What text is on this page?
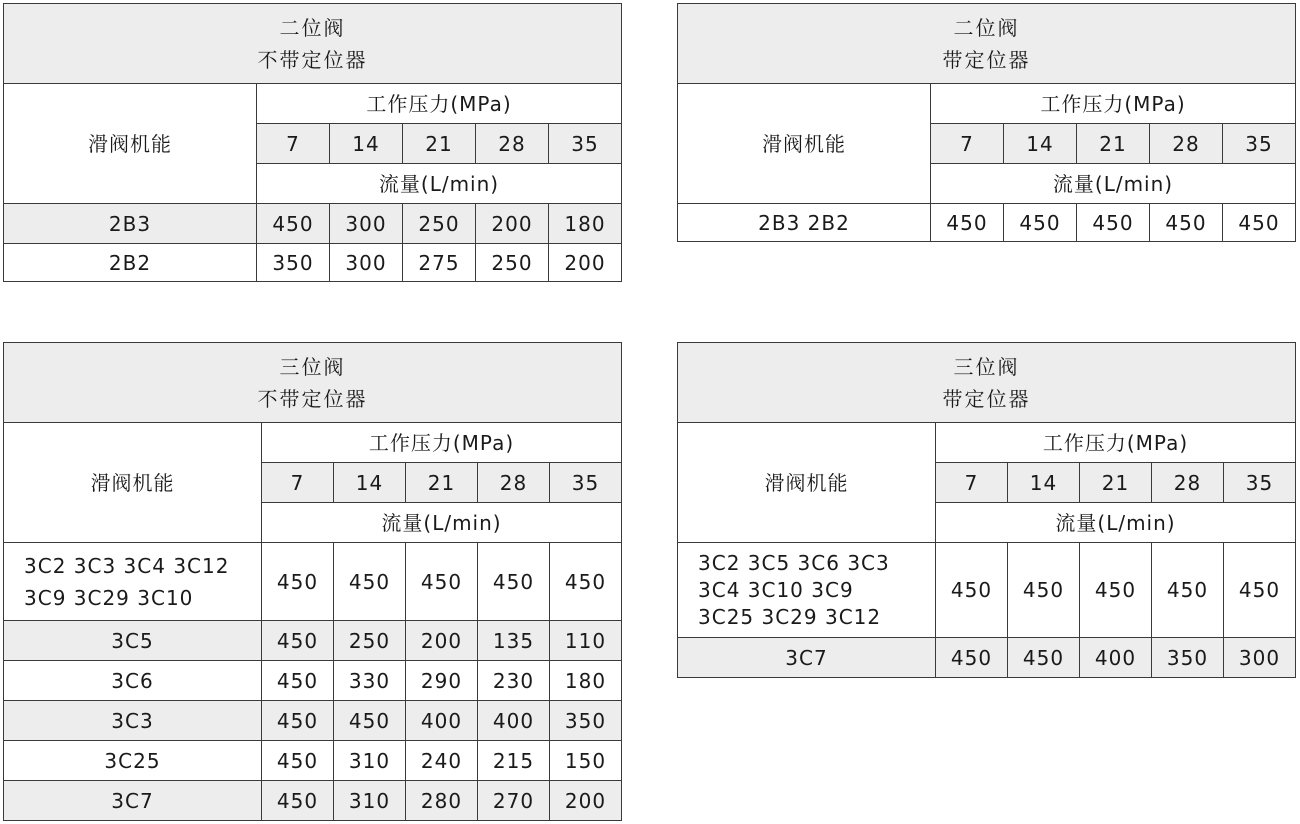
二位阀
不带定位器					

滑阀机能	工作压力(MPa)				
	7	14	21	28	35
	流量(L/min)				
2B3	450	300	250	200	180
2B2	350	300	275	250	200
二位阀
带定位器					

滑阀机能	工作压力(MPa)				
	7	14	21	28	35
	流量(L/min)				
2B3 2B2	450	450	450	450	450
三位阀
不带定位器					

滑阀机能	工作压力(MPa)				
	7	14	21	28	35
	流量(L/min)				

3C2 3C3 3C4 3C12
3C9 3C29 3C10	450	450	450	450	450
3C5	450	250	200	135	110
3C6	450	330	290	230	180
3C3	450	450	400	400	350
3C25	450	310	240	215	150
3C7	450	310	280	270	200
三位阀
带定位器					

滑阀机能	工作压力(MPa)				
	7	14	21	28	35
	流量(L/min)				

3C2 3C5 3C6 3C3
3C4 3C10 3C9
3C25 3C29 3C12	450	450	450	450	450
3C7	450	450	400	350	300
